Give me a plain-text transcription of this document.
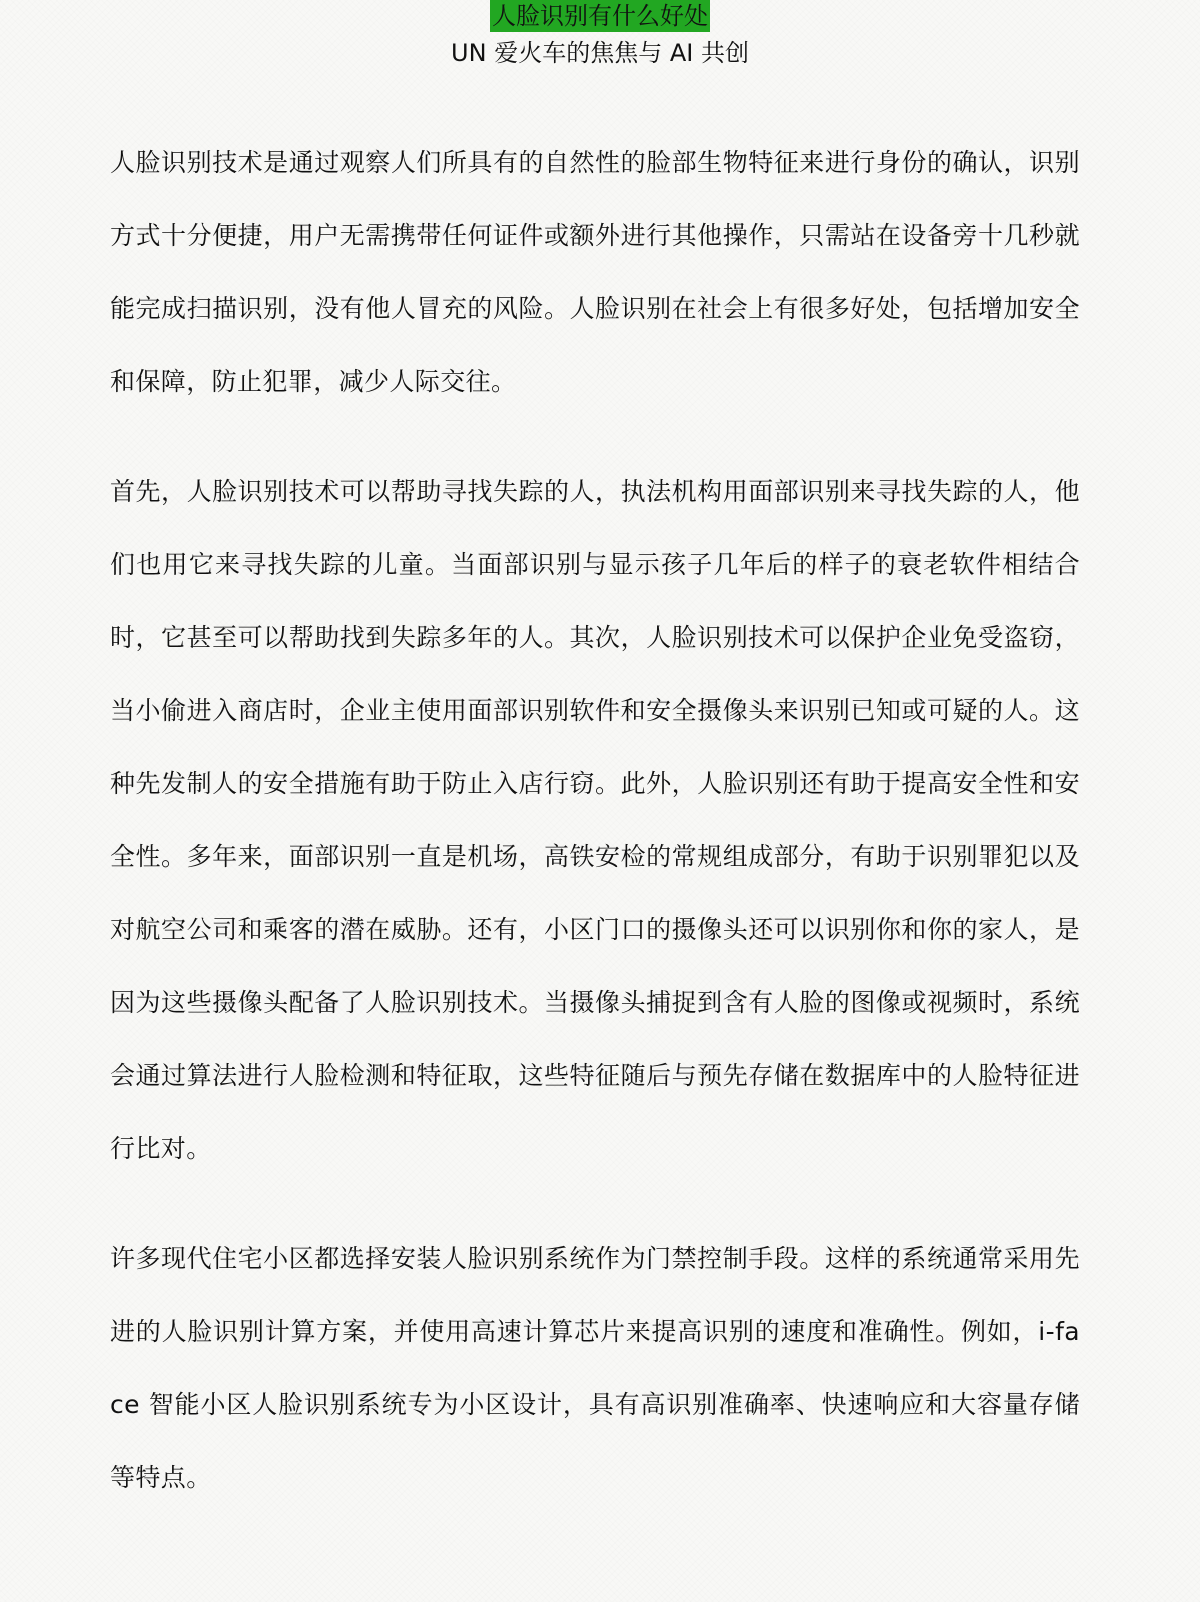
人脸识别有什么好处
UN 爱火车的焦焦与 AI 共创

人脸识别技术是通过观察人们所具有的自然性的脸部生物特征来进行身份的确认，识别方式十分便捷，用户无需携带任何证件或额外进行其他操作，只需站在设备旁十几秒就能完成扫描识别，没有他人冒充的风险。人脸识别在社会上有很多好处，包括增加安全和保障，防止犯罪，减少人际交往。

首先，人脸识别技术可以帮助寻找失踪的人，执法机构用面部识别来寻找失踪的人，他们也用它来寻找失踪的儿童。当面部识别与显示孩子几年后的样子的衰老软件相结合时，它甚至可以帮助找到失踪多年的人。其次，人脸识别技术可以保护企业免受盗窃，当小偷进入商店时，企业主使用面部识别软件和安全摄像头来识别已知或可疑的人。这种先发制人的安全措施有助于防止入店行窃。此外，人脸识别还有助于提高安全性和安全性。多年来，面部识别一直是机场，高铁安检的常规组成部分，有助于识别罪犯以及对航空公司和乘客的潜在威胁。还有，小区门口的摄像头还可以识别你和你的家人，是因为这些摄像头配备了人脸识别技术。当摄像头捕捉到含有人脸的图像或视频时，系统会通过算法进行人脸检测和特征取，这些特征随后与预先存储在数据库中的人脸特征进行比对。

许多现代住宅小区都选择安装人脸识别系统作为门禁控制手段。这样的系统通常采用先进的人脸识别计算方案，并使用高速计算芯片来提高识别的速度和准确性。例如，i-face 智能小区人脸识别系统专为小区设计，具有高识别准确率、快速响应和大容量存储等特点。
